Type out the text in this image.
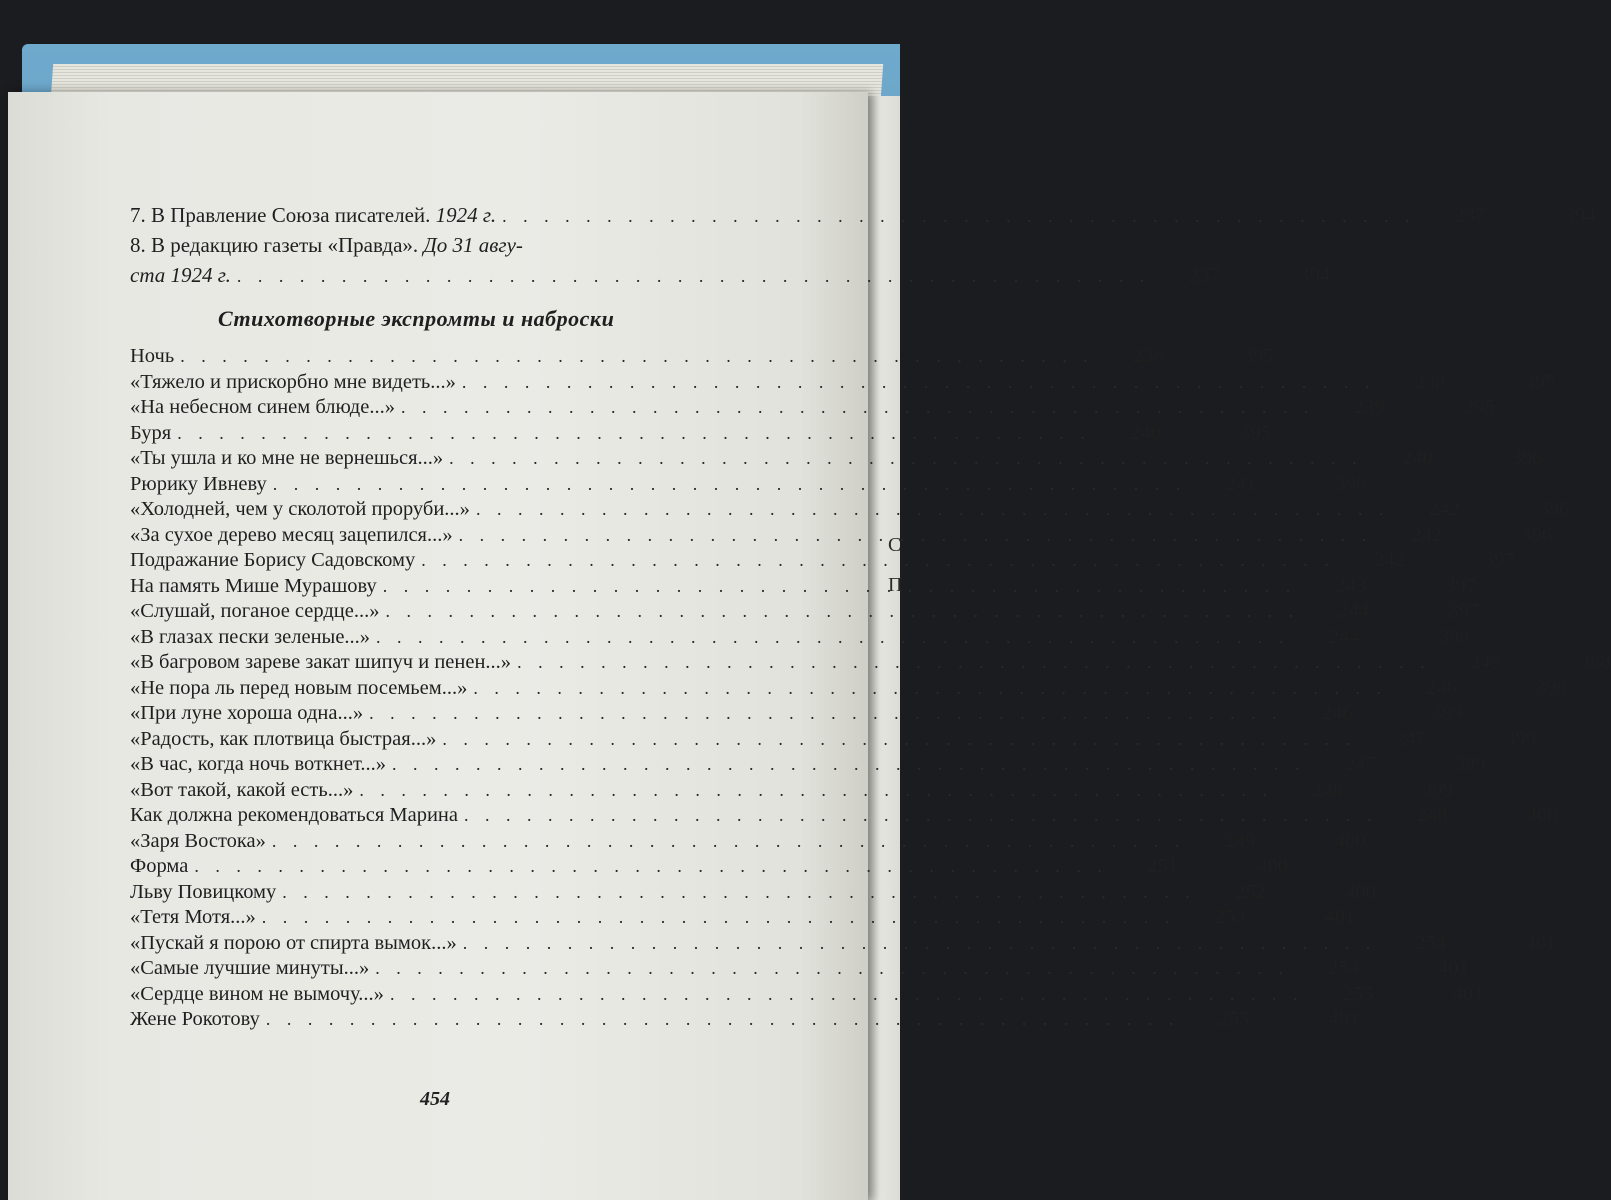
С
П
7. В Правление Союза писателей. 1924 г. . . .	237	394
8. В редакцию газеты «Правда». До 31 авгу-
ста 1924 г. . . .	237	394
Стихотворные экспромты и наброски
Ночь . . .	238	395
«Тяжело и прискорбно мне видеть...» . . .	238	395
«На небесном синем блюде...» . . .	239	395
Буря . . .	240	395
«Ты ушла и ко мне не вернешься...» . . .	240	396
Рюрику Ивневу . . .	241	396
«Холодней, чем у сколотой проруби...» . . .	242	396
«За сухое дерево месяц зацепился...» . . .	242	396
Подражание Борису Садовскому . . .	242	397
На память Мише Мурашову . . .	243	397
«Слушай, поганое сердце...» . . .	244	397
«В глазах пески зеленые...» . . .	244	398
«В багровом зареве закат шипуч и пенен...» . . .	245	398
«Не пора ль перед новым посемьем...» . . .	246	399
«При луне хороша одна...» . . .	246	399
«Радость, как плотвица быстрая...» . . .	247	399
«В час, когда ночь воткнет...» . . .	247	399
«Вот такой, какой есть...» . . .	248	399
Как должна рекомендоваться Марина . . .	248	400
«Заря Востока» . . .	249	400
Форма . . .	251	400
Льву Повицкому . . .	252	400
«Тетя Мотя...» . . .	253	401
«Пускай я порою от спирта вымок...» . . .	254	401
«Самые лучшие минуты...» . . .	254	401
«Сердце вином не вымочу...» . . .	255	401
Жене Рокотову . . .	255	401
454
